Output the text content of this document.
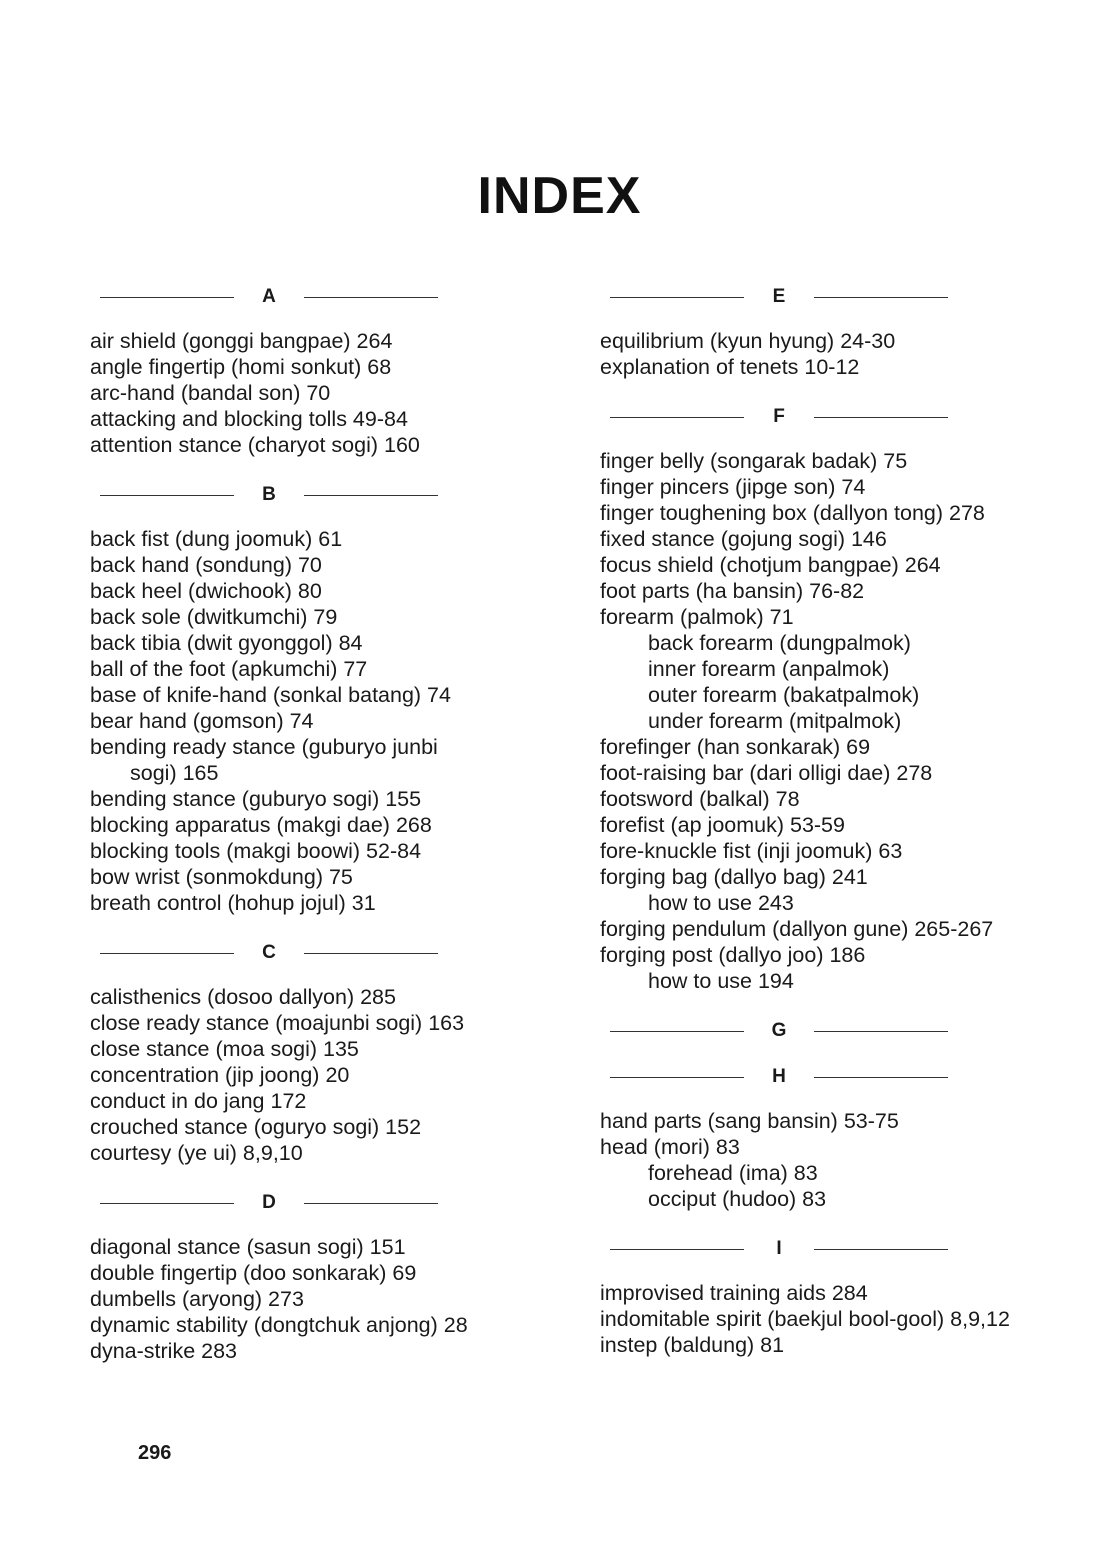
INDEX
A
air shield (gonggi bangpae) 264
angle fingertip (homi sonkut) 68
arc-hand (bandal son) 70
attacking and blocking tolls 49-84
attention stance (charyot sogi) 160
B
back fist (dung joomuk) 61
back hand (sondung) 70
back heel (dwichook) 80
back sole (dwitkumchi) 79
back tibia (dwit gyonggol) 84
ball of the foot (apkumchi) 77
base of knife-hand (sonkal batang) 74
bear hand (gomson) 74
bending ready stance (guburyo junbi
sogi) 165
bending stance (guburyo sogi) 155
blocking apparatus (makgi dae) 268
blocking tools (makgi boowi) 52-84
bow wrist (sonmokdung) 75
breath control (hohup jojul) 31
C
calisthenics (dosoo dallyon) 285
close ready stance (moajunbi sogi) 163
close stance (moa sogi) 135
concentration (jip joong) 20
conduct in do jang 172
crouched stance (oguryo sogi) 152
courtesy (ye ui) 8,9,10
D
diagonal stance (sasun sogi) 151
double fingertip (doo sonkarak) 69
dumbells (aryong) 273
dynamic stability (dongtchuk anjong) 28
dyna-strike 283
E
equilibrium (kyun hyung) 24-30
explanation of tenets 10-12
F
finger belly (songarak badak) 75
finger pincers (jipge son) 74
finger toughening box (dallyon tong) 278
fixed stance (gojung sogi) 146
focus shield (chotjum bangpae) 264
foot parts (ha bansin) 76-82
forearm (palmok) 71
back forearm (dungpalmok)
inner forearm (anpalmok)
outer forearm (bakatpalmok)
under forearm (mitpalmok)
forefinger (han sonkarak) 69
foot-raising bar (dari olligi dae) 278
footsword (balkal) 78
forefist (ap joomuk) 53-59
fore-knuckle fist (inji joomuk) 63
forging bag (dallyo bag) 241
how to use 243
forging pendulum (dallyon gune) 265-267
forging post (dallyo joo) 186
how to use 194
G
H
hand parts (sang bansin) 53-75
head (mori) 83
forehead (ima) 83
occiput (hudoo) 83
I
improvised training aids 284
indomitable spirit (baekjul bool-gool) 8,9,12
instep (baldung) 81
296
